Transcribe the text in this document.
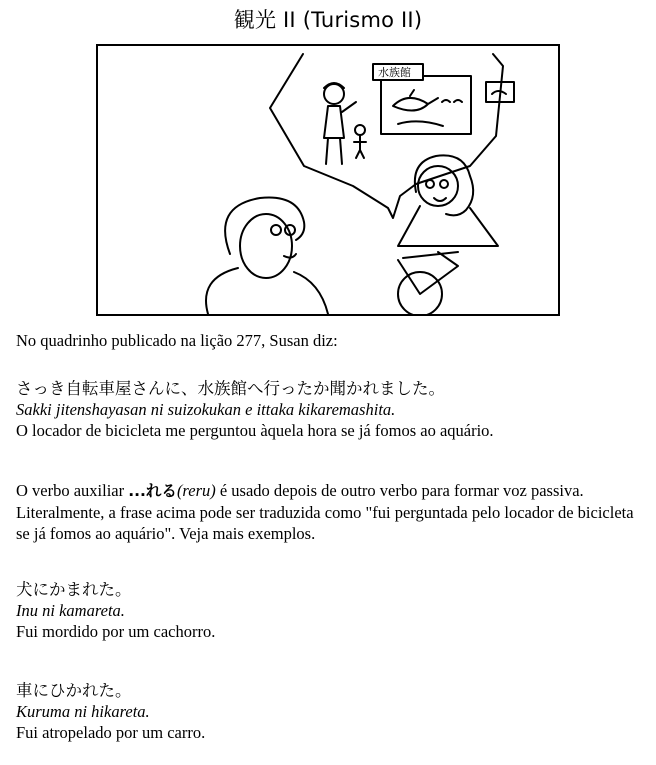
観光 II (Turismo II)
水族館
No quadrinho publicado na lição 277, Susan diz:
さっき自転車屋さんに、水族館へ行ったか聞かれました。
Sakki jitenshayasan ni suizokukan e ittaka kikaremashita.
O locador de bicicleta me perguntou àquela hora se já fomos ao aquário.
O verbo auxiliar ...れる(reru) é usado depois de outro verbo para formar voz passiva.
Literalmente, a frase acima pode ser traduzida como "fui perguntada pelo locador de bicicleta
se já fomos ao aquário". Veja mais exemplos.
犬にかまれた。
Inu ni kamareta.
Fui mordido por um cachorro.
車にひかれた。
Kuruma ni hikareta.
Fui atropelado por um carro.
